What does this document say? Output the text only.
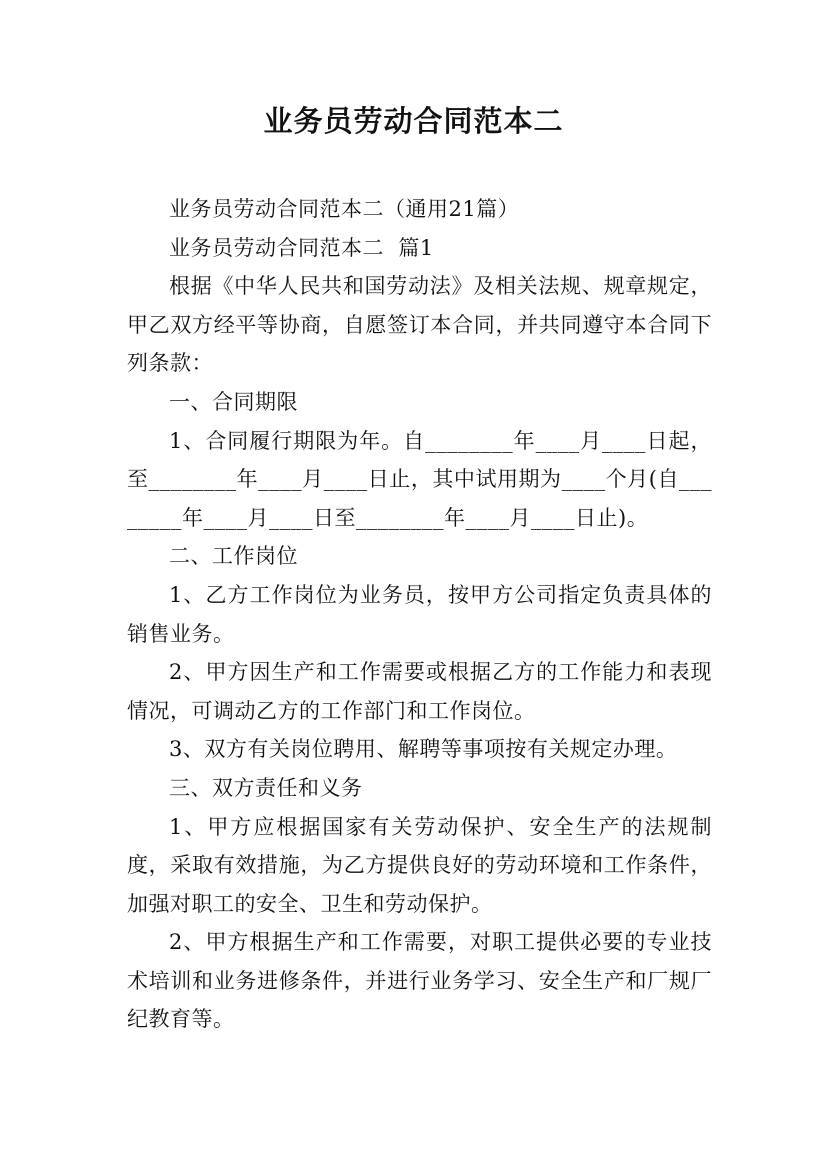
业务员劳动合同范本二

业务员劳动合同范本二（通用21篇）

业务员劳动合同范本二  篇1

根据《中华人民共和国劳动法》及相关法规、规章规定，甲乙双方经平等协商，自愿签订本合同，并共同遵守本合同下列条款：

一、合同期限

1、合同履行期限为年。自________年____月____日起，至________年____月____日止，其中试用期为____个月(自________年____月____日至________年____月____日止)。

二、工作岗位

1、乙方工作岗位为业务员，按甲方公司指定负责具体的销售业务。

2、甲方因生产和工作需要或根据乙方的工作能力和表现情况，可调动乙方的工作部门和工作岗位。

3、双方有关岗位聘用、解聘等事项按有关规定办理。

三、双方责任和义务

1、甲方应根据国家有关劳动保护、安全生产的法规制度，采取有效措施，为乙方提供良好的劳动环境和工作条件，加强对职工的安全、卫生和劳动保护。

2、甲方根据生产和工作需要，对职工提供必要的专业技术培训和业务进修条件，并进行业务学习、安全生产和厂规厂纪教育等。
